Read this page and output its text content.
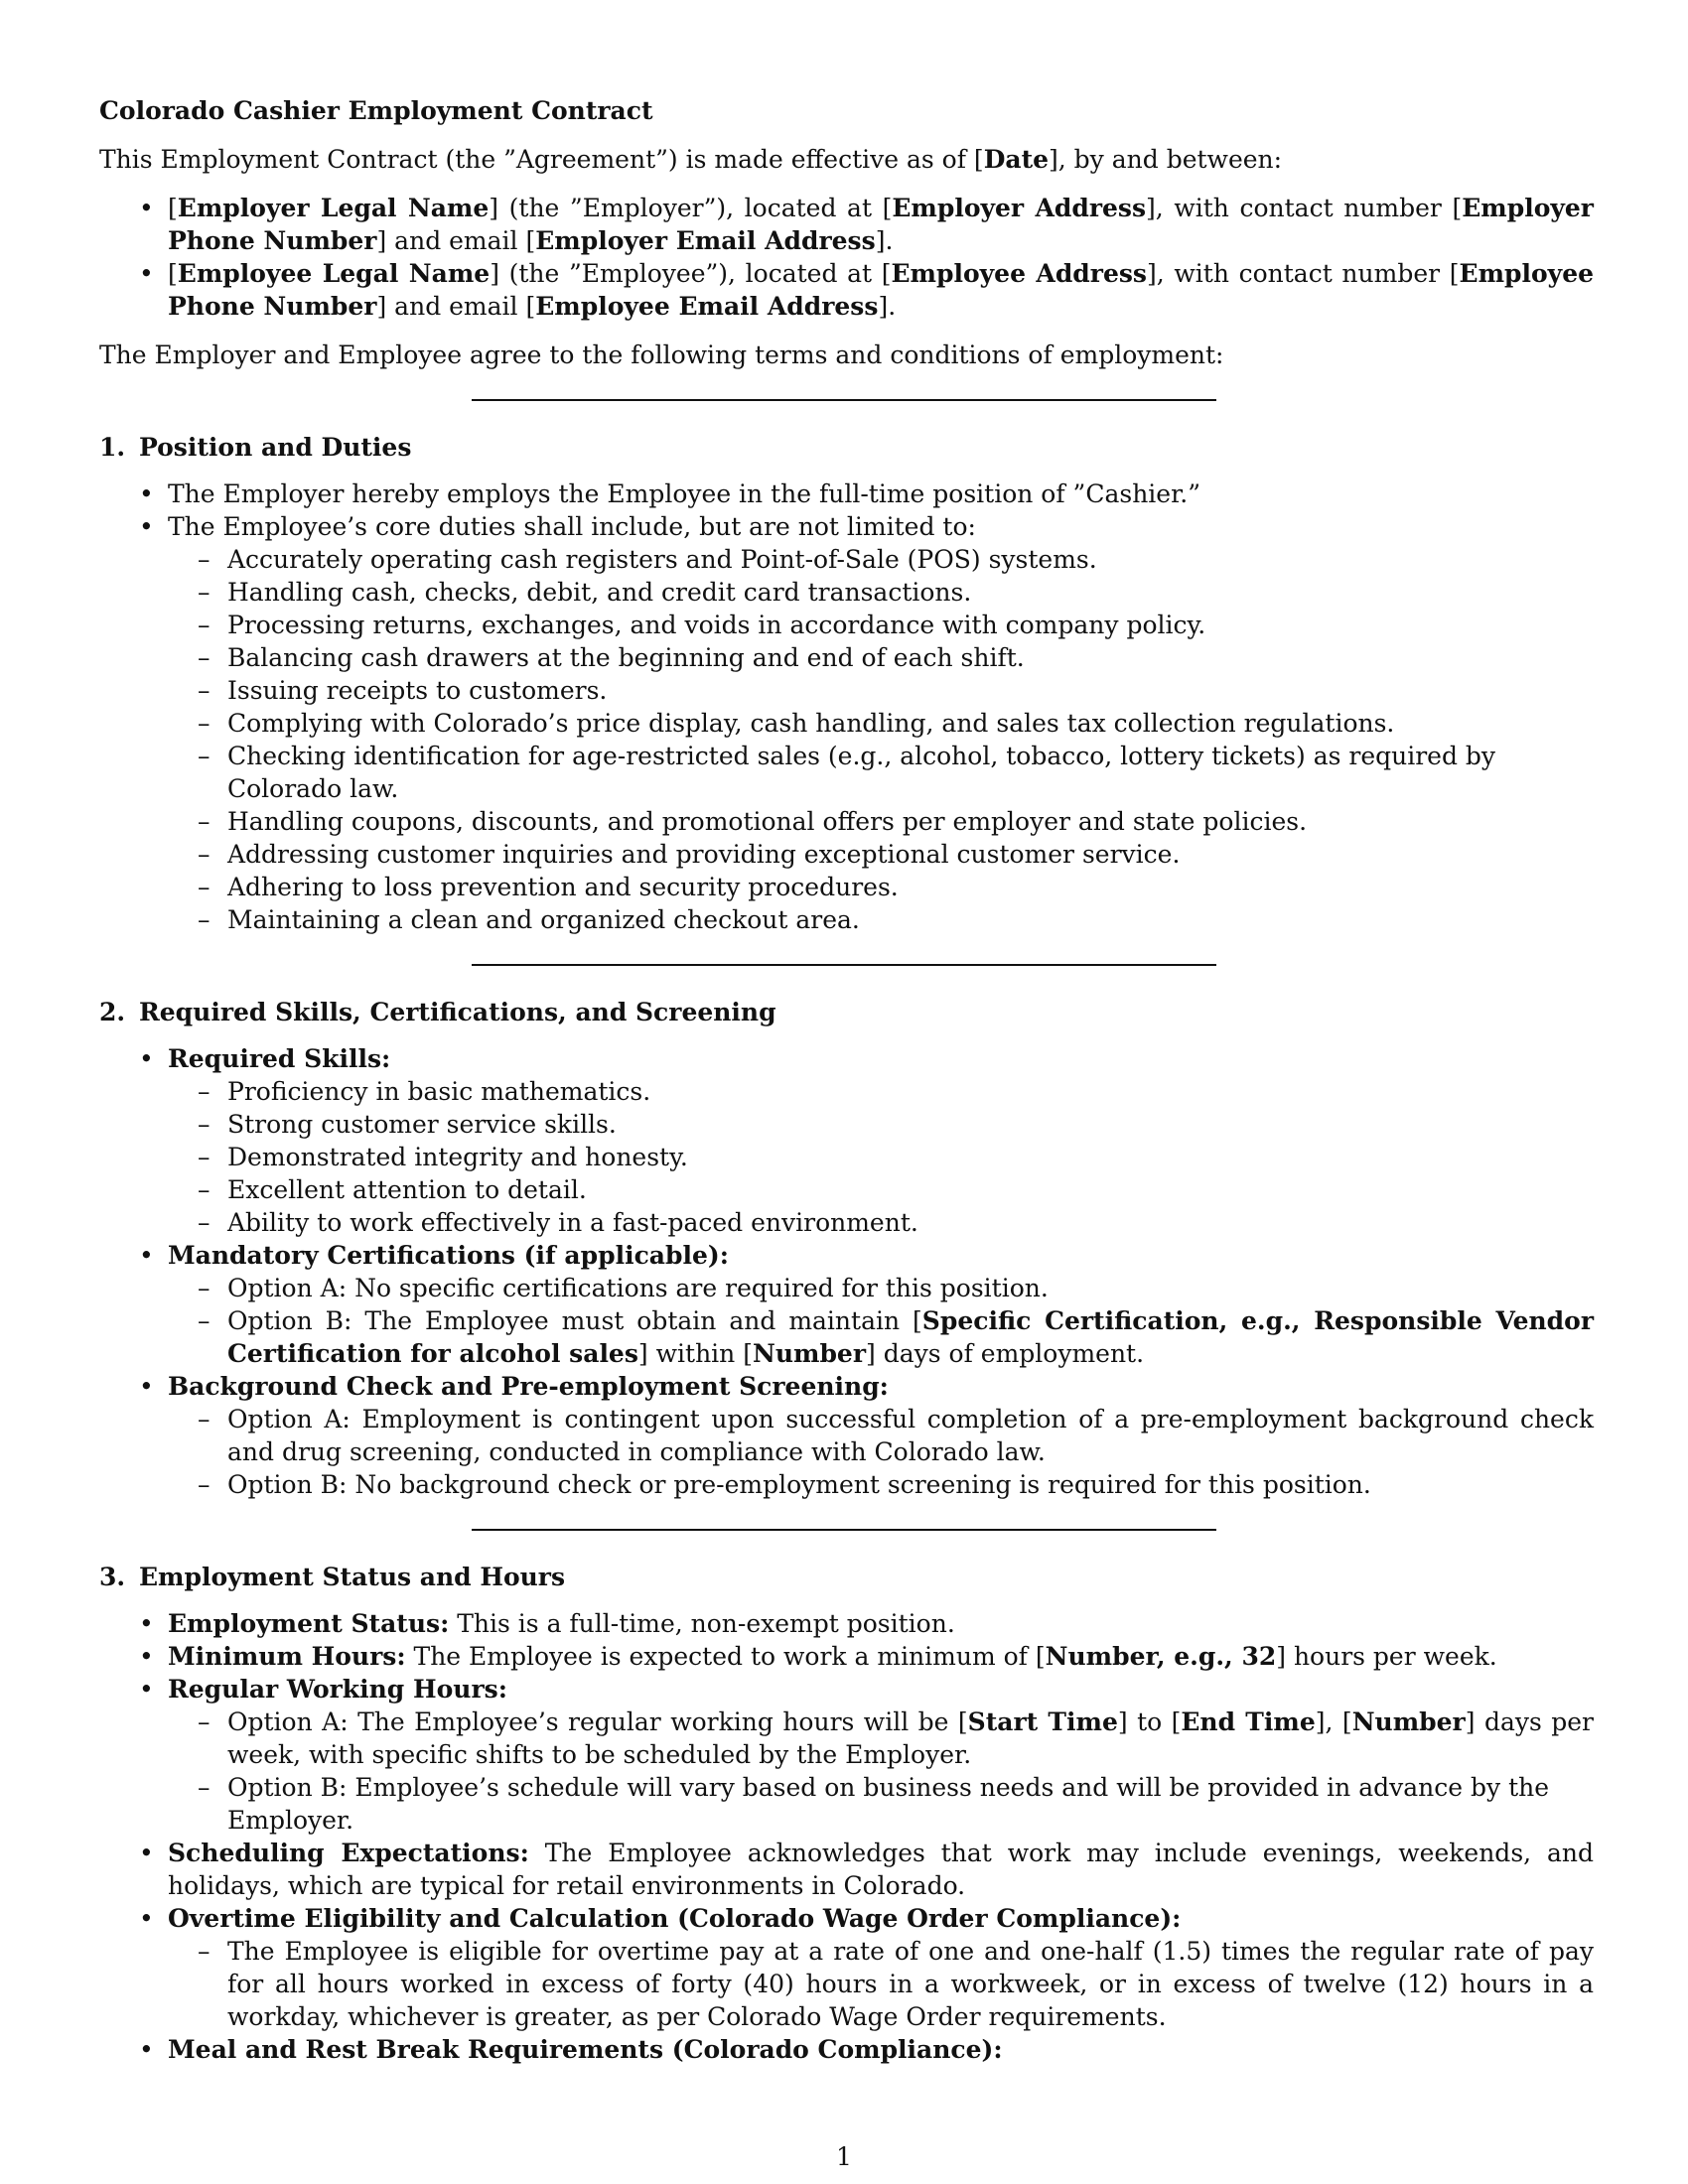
Colorado Cashier Employment Contract

This Employment Contract (the ”Agreement”) is made effective as of [Date], by and between:

• [Employer Legal Name] (the ”Employer”), located at [Employer Address], with contact number [Employer Phone Number] and email [Employer Email Address].
• [Employee Legal Name] (the ”Employee”), located at [Employee Address], with contact number [Employee Phone Number] and email [Employee Email Address].

The Employer and Employee agree to the following terms and conditions of employment:

1. Position and Duties
• The Employer hereby employs the Employee in the full-time position of ”Cashier.”
• The Employee’s core duties shall include, but are not limited to:
– Accurately operating cash registers and Point-of-Sale (POS) systems.
– Handling cash, checks, debit, and credit card transactions.
– Processing returns, exchanges, and voids in accordance with company policy.
– Balancing cash drawers at the beginning and end of each shift.
– Issuing receipts to customers.
– Complying with Colorado’s price display, cash handling, and sales tax collection regulations.
– Checking identification for age-restricted sales (e.g., alcohol, tobacco, lottery tickets) as required by Colorado law.
– Handling coupons, discounts, and promotional offers per employer and state policies.
– Addressing customer inquiries and providing exceptional customer service.
– Adhering to loss prevention and security procedures.
– Maintaining a clean and organized checkout area.
2. Required Skills, Certifications, and Screening
• Required Skills:
– Proficiency in basic mathematics.
– Strong customer service skills.
– Demonstrated integrity and honesty.
– Excellent attention to detail.
– Ability to work effectively in a fast-paced environment.
• Mandatory Certifications (if applicable):
– Option A: No specific certifications are required for this position.
– Option B: The Employee must obtain and maintain [Specific Certification, e.g., Responsible Vendor Certification for alcohol sales] within [Number] days of employment.
• Background Check and Pre-employment Screening:
– Option A: Employment is contingent upon successful completion of a pre-employment background check and drug screening, conducted in compliance with Colorado law.
– Option B: No background check or pre-employment screening is required for this position.
3. Employment Status and Hours
• Employment Status: This is a full-time, non-exempt position.
• Minimum Hours: The Employee is expected to work a minimum of [Number, e.g., 32] hours per week.
• Regular Working Hours:
– Option A: The Employee’s regular working hours will be [Start Time] to [End Time], [Number] days per week, with specific shifts to be scheduled by the Employer.
– Option B: Employee’s schedule will vary based on business needs and will be provided in advance by the Employer.
• Scheduling Expectations: The Employee acknowledges that work may include evenings, weekends, and holidays, which are typical for retail environments in Colorado.
• Overtime Eligibility and Calculation (Colorado Wage Order Compliance):
– The Employee is eligible for overtime pay at a rate of one and one-half (1.5) times the regular rate of pay for all hours worked in excess of forty (40) hours in a workweek, or in excess of twelve (12) hours in a workday, whichever is greater, as per Colorado Wage Order requirements.
• Meal and Rest Break Requirements (Colorado Compliance):
1
